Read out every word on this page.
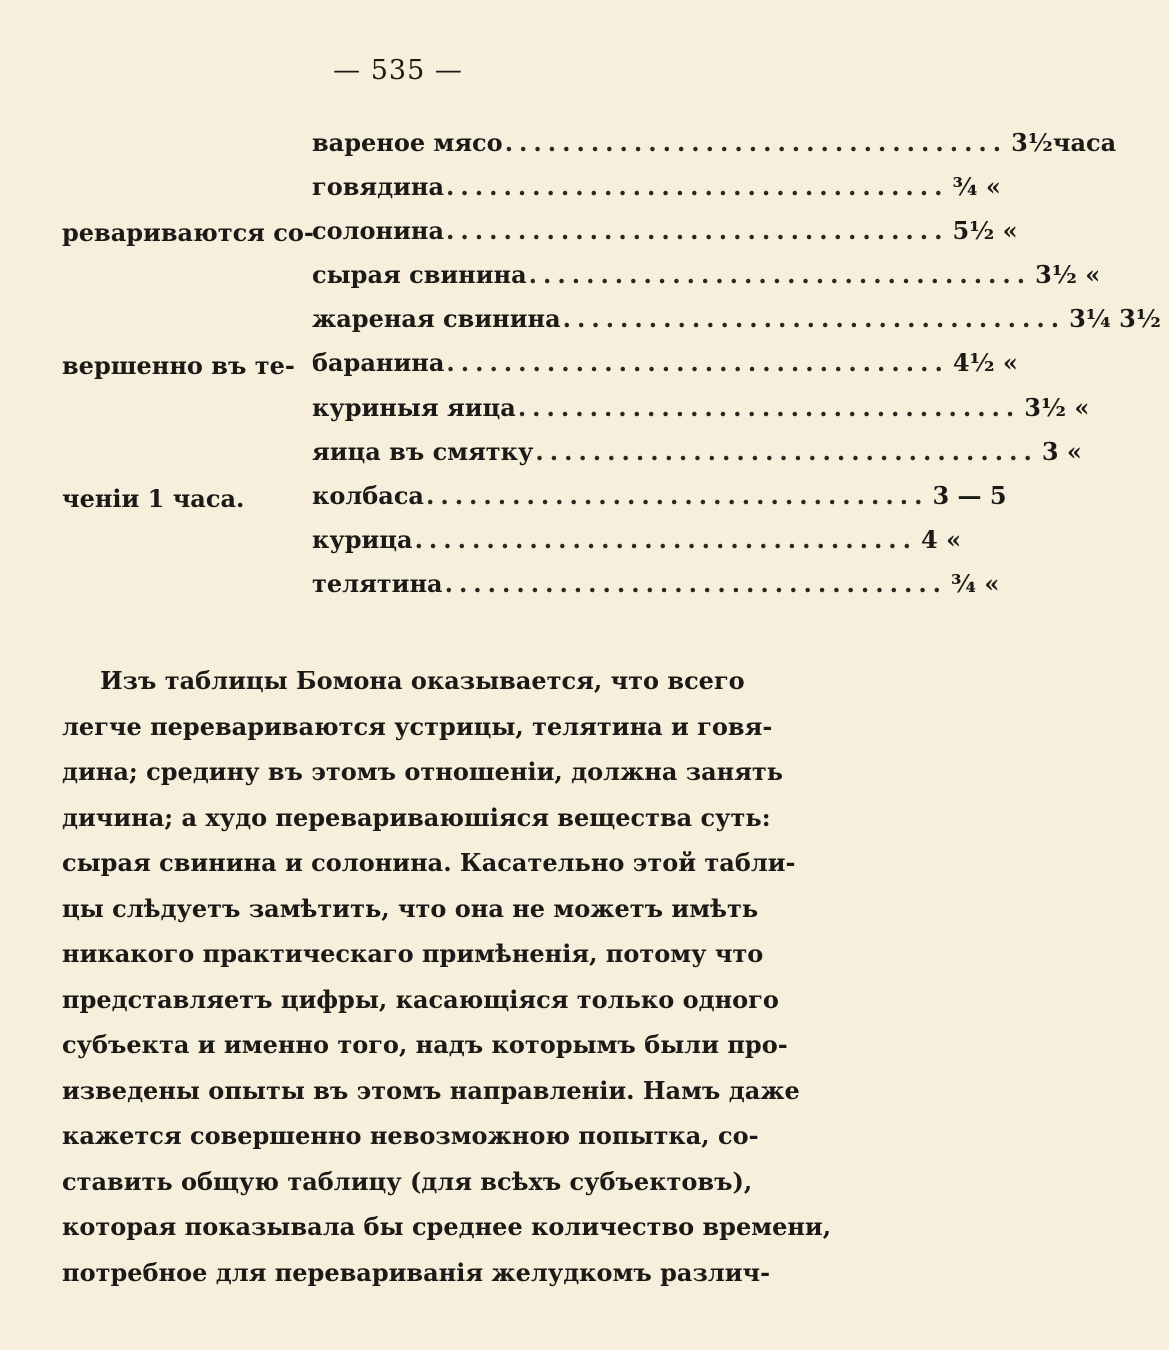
— 535 —
реваривaются со-
вершенно въ те-
ченіи 1 часа.
вареное мясо ................................... 3½часа
говядина ................................... ¾ «
солонина ................................... 5½ «
сырая свинина ................................... 3½ «
жареная свинина ................................... 3¼ 3½
баранина ................................... 4½ «
куриныя яица ................................... 3½ «
яица въ смятку ................................... 3 «
колбаса ................................... 3 — 5
курица ................................... 4 «
телятина ................................... ¾ «
Изъ таблицы Бомона оказывается, что всего
легче перевариваются устрицы, телятина и говя-
дина; средину въ этомъ отношеніи, должна занять
дичина; а худо перевариваюшіяся вещества суть:
сырая свинина и солонина. Касательно этой табли-
цы слѣдуетъ замѣтить, что она не можетъ имѣть
никакого практическаго примѣненія, потому что
представляетъ цифры, касающіяся только одного
субъекта и именно того, надъ которымъ были про-
изведены опыты въ этомъ направленіи. Намъ даже
кажется совершенно невозможною попытка, со-
ставить общую таблицу (для всѣхъ субъектовъ),
которая показывала бы среднее количество времени,
потребное для переваривaнія желудкомъ различ-
